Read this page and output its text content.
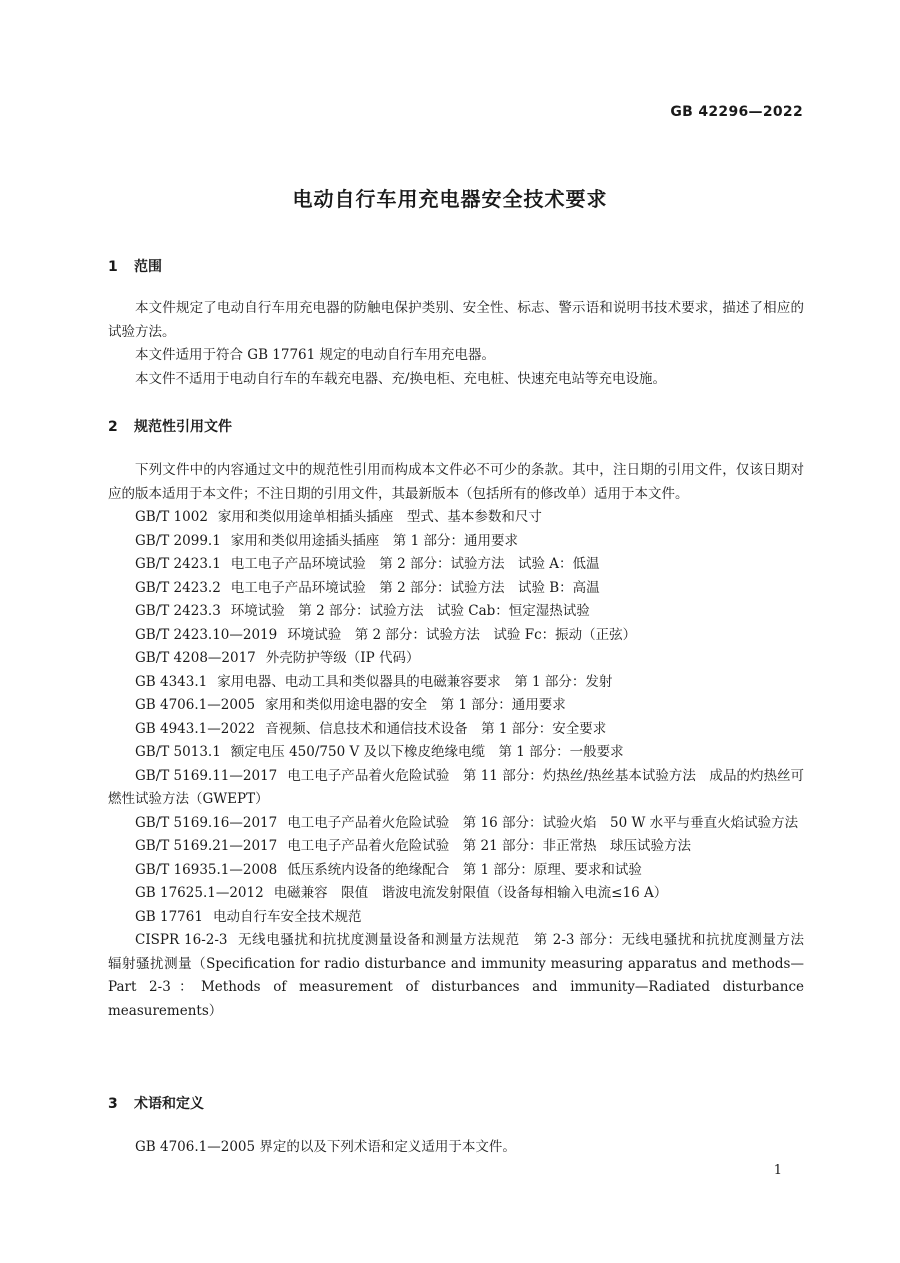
GB 42296—2022
电动自行车用充电器安全技术要求
1 范围

本文件规定了电动自行车用充电器的防触电保护类别、安全性、标志、警示语和说明书技术要求，描述了相应的试验方法。

本文件适用于符合 GB 17761 规定的电动自行车用充电器。

本文件不适用于电动自行车的车载充电器、充/换电柜、充电桩、快速充电站等充电设施。

2 规范性引用文件

下列文件中的内容通过文中的规范性引用而构成本文件必不可少的条款。其中，注日期的引用文件，仅该日期对应的版本适用于本文件；不注日期的引用文件，其最新版本（包括所有的修改单）适用于本文件。

GB/T 1002 家用和类似用途单相插头插座　型式、基本参数和尺寸

GB/T 2099.1 家用和类似用途插头插座　第 1 部分：通用要求

GB/T 2423.1 电工电子产品环境试验　第 2 部分：试验方法　试验 A：低温

GB/T 2423.2 电工电子产品环境试验　第 2 部分：试验方法　试验 B：高温

GB/T 2423.3 环境试验　第 2 部分：试验方法　试验 Cab：恒定湿热试验

GB/T 2423.10—2019 环境试验　第 2 部分：试验方法　试验 Fc：振动（正弦）

GB/T 4208—2017 外壳防护等级（IP 代码）

GB 4343.1 家用电器、电动工具和类似器具的电磁兼容要求　第 1 部分：发射

GB 4706.1—2005 家用和类似用途电器的安全　第 1 部分：通用要求

GB 4943.1—2022 音视频、信息技术和通信技术设备　第 1 部分：安全要求

GB/T 5013.1 额定电压 450/750 V 及以下橡皮绝缘电缆　第 1 部分：一般要求

GB/T 5169.11—2017 电工电子产品着火危险试验　第 11 部分：灼热丝/热丝基本试验方法　成品的灼热丝可燃性试验方法（GWEPT）

GB/T 5169.16—2017 电工电子产品着火危险试验　第 16 部分：试验火焰　50 W 水平与垂直火焰试验方法

GB/T 5169.21—2017 电工电子产品着火危险试验　第 21 部分：非正常热　球压试验方法

GB/T 16935.1—2008 低压系统内设备的绝缘配合　第 1 部分：原理、要求和试验

GB 17625.1—2012 电磁兼容　限值　谐波电流发射限值（设备每相输入电流≤16 A）

GB 17761 电动自行车安全技术规范

CISPR 16-2-3 无线电骚扰和抗扰度测量设备和测量方法规范　第 2-3 部分：无线电骚扰和抗扰度测量方法　辐射骚扰测量（Specification for radio disturbance and immunity measuring apparatus and methods—Part 2-3：Methods of measurement of disturbances and immunity—Radiated disturbance measurements）

3 术语和定义

GB 4706.1—2005 界定的以及下列术语和定义适用于本文件。

1
